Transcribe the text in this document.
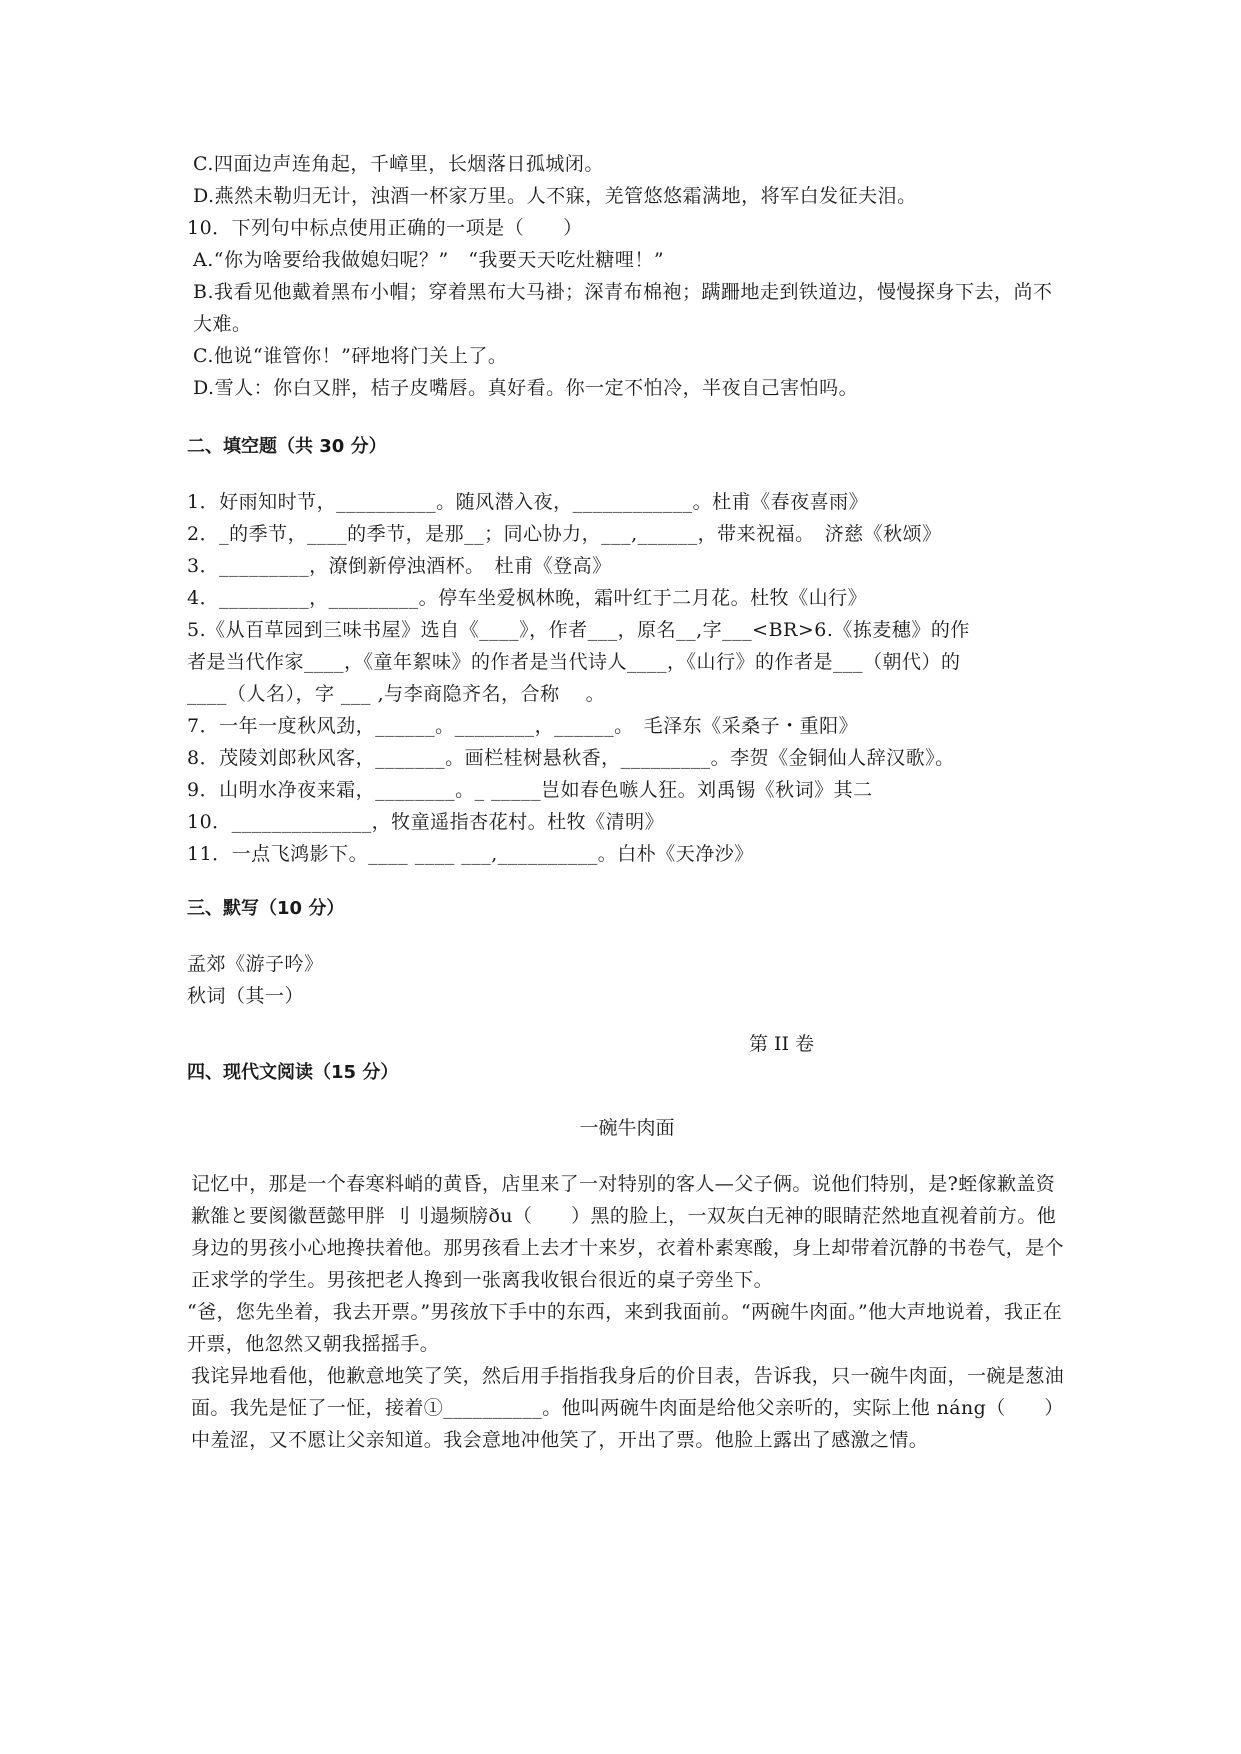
C.四面边声连角起，千嶂里，长烟落日孤城闭。
D.燕然未勒归无计，浊酒一杯家万里。人不寐，羌管悠悠霜满地，将军白发征夫泪。
10．下列句中标点使用正确的一项是（　　）
A.“你为啥要给我做媳妇呢？”　“我要天天吃灶糖哩！”
B.我看见他戴着黑布小帽；穿着黑布大马褂；深青布棉袍；蹒跚地走到铁道边，慢慢探身下去，尚不大难。
C.他说“谁管你！”砰地将门关上了。
D.雪人：你白又胖，桔子皮嘴唇。真好看。你一定不怕冷，半夜自己害怕吗。
二、填空题（共 30 分）
1．好雨知时节，__________。随风潜入夜，____________。杜甫《春夜喜雨》
2．_的季节，____的季节，是那__；同心协力，___,______，带来祝福。　济慈《秋颂》
3．_________，潦倒新停浊酒杯。　杜甫《登高》
4．_________，_________。停车坐爱枫林晚，霜叶红于二月花。杜牧《山行》
5.《从百草园到三味书屋》选自《____》，作者___，原名__,字___<BR>6.《拣麦穗》的作
者是当代作家____，《童年絮味》的作者是当代诗人____，《山行》的作者是___（朝代）的
____（人名），字 ___ ,与李商隐齐名，合称　 。
7．一年一度秋风劲，______。________，______。　毛泽东《采桑子・重阳》
8．茂陵刘郎秋风客，_______。画栏桂树悬秋香，_________。李贺《金铜仙人辞汉歌》。
9．山明水净夜来霜，________。_ _____岂如春色嗾人狂。刘禹锡《秋词》其二
10．______________，牧童遥指杏花村。杜牧《清明》
11．一点飞鸿影下。____ ____ ___,__________。白朴《天净沙》
三、默写（10 分）
孟郊《游子吟》
秋词（其一）
第 II 卷
四、现代文阅读（15 分）
一碗牛肉面
记忆中，那是一个春寒料峭的黄昏，店里来了一对特别的客人—父子俩。说他们特别，是?蛭傢歉盖资歉雒と要阂徽琶懿甲胖 刂刂遢频牓ðu（　　）黑的脸上，一双灰白无神的眼睛茫然地直视着前方。他身边的男孩小心地搀扶着他。那男孩看上去才十来岁，衣着朴素寒酸，身上却带着沉静的书卷气，是个正求学的学生。男孩把老人搀到一张离我收银台很近的桌子旁坐下。
“爸，您先坐着，我去开票。”男孩放下手中的东西，来到我面前。“两碗牛肉面。”他大声地说着，我正在开票，他忽然又朝我摇摇手。
我诧异地看他，他歉意地笑了笑，然后用手指指我身后的价目表，告诉我，只一碗牛肉面，一碗是葱油面。我先是怔了一怔，接着①__________。他叫两碗牛肉面是给他父亲听的，实际上他 náng（　　）中羞涩，又不愿让父亲知道。我会意地冲他笑了，开出了票。他脸上露出了感激之情。
